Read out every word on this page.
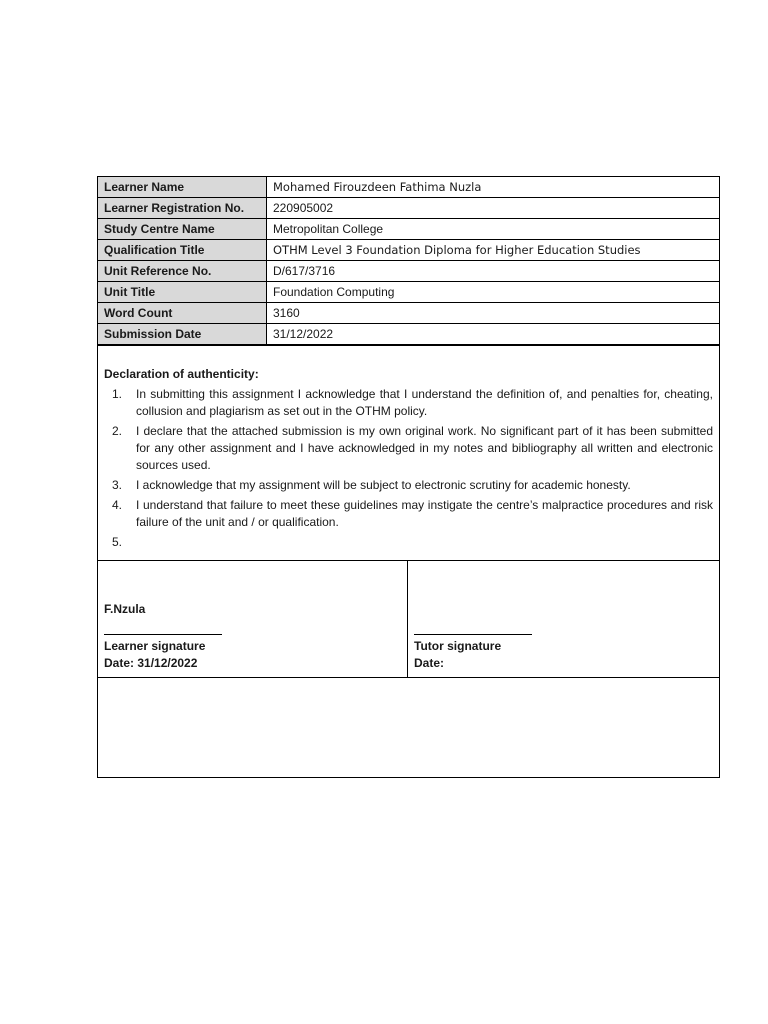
Learner Name	Mohamed Firouzdeen Fathima Nuzla
Learner Registration No.	220905002
Study Centre Name	Metropolitan College
Qualification Title	OTHM Level 3 Foundation Diploma for Higher Education Studies
Unit Reference No.	D/617/3716
Unit Title	Foundation Computing
Word Count	3160
Submission Date	31/12/2022
Declaration of authenticity:
1. In submitting this assignment I acknowledge that I understand the definition of, and penalties for, cheating, collusion and plagiarism as set out in the OTHM policy.
2. I declare that the attached submission is my own original work. No significant part of it has been submitted for any other assignment and I have acknowledged in my notes and bibliography all written and electronic sources used.
3. I acknowledge that my assignment will be subject to electronic scrutiny for academic honesty.
4. I understand that failure to meet these guidelines may instigate the centre’s malpractice procedures and risk failure of the unit and / or qualification.
5.
F.Nzula
Learner signature
Date: 31/12/2022
Tutor signature
Date:
